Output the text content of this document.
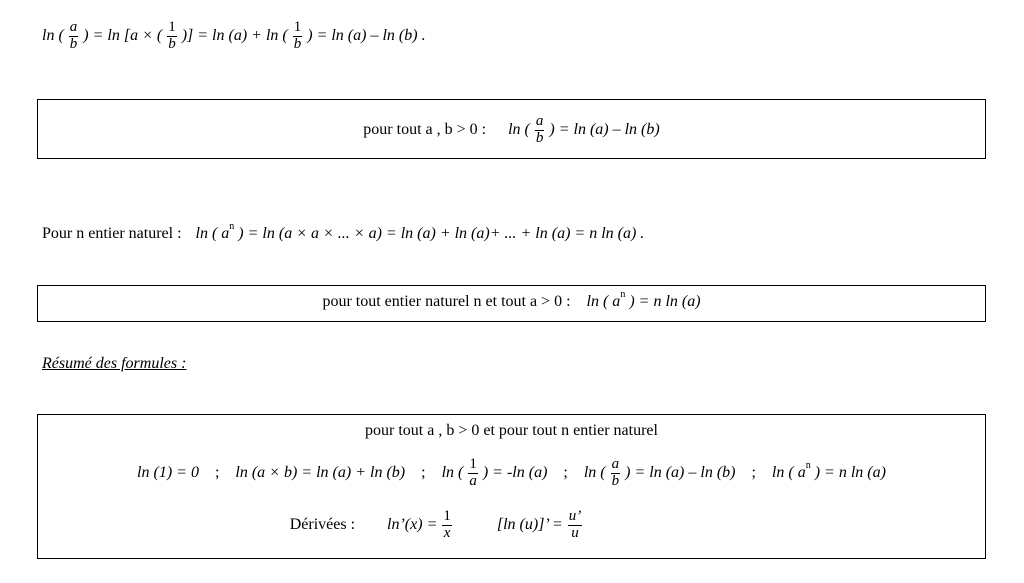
ln ( $\frac{a}{b}$ ) = ln [a × ( $\frac{1}{b}$ )] = ln (a) + ln ( $\frac{1}{b}$ ) = ln (a) – ln (b) .
pour tout a , b > 0 : ln ( $\frac{a}{b}$ ) = ln (a) – ln (b)
Pour n entier naturel : ln ( $a^n$ ) = ln (a × a × ... × a) = ln (a) + ln (a)+ ... + ln (a) = n ln (a) .
pour tout entier naturel n et tout a > 0 : ln ( $a^n$ ) = n ln (a)
Résumé des formules :
pour tout a , b > 0 et pour tout n entier naturel
ln (1) = 0 ; ln (a × b) = ln (a) + ln (b) ; ln ( $\frac{1}{a}$ ) = -ln (a) ; ln ( $\frac{a}{b}$ ) = ln (a) – ln (b) ; ln ( $a^n$ ) = n ln (a)
Dérivées : ln’(x) = $\frac{1}{x}$	[ln (u)]’ = $\frac{u’}{u}$
